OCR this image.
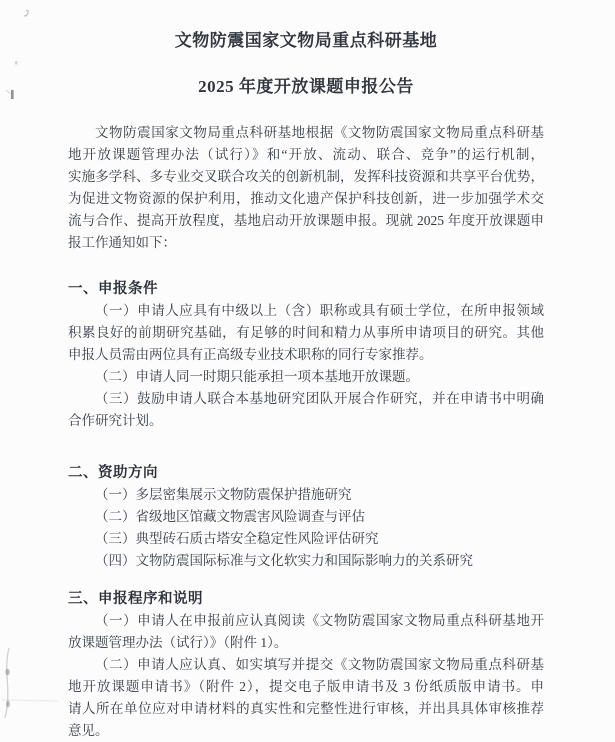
文物防震国家文物局重点科研基地
2025 年度开放课题申报公告
文物防震国家文物局重点科研基地根据《文物防震国家文物局重点科研基
地开放课题管理办法（试行）》和“开放、流动、联合、竞争”的运行机制，
实施多学科、多专业交叉联合攻关的创新机制，发挥科技资源和共享平台优势，
为促进文物资源的保护利用，推动文化遗产保护科技创新，进一步加强学术交
流与合作、提高开放程度，基地启动开放课题申报。现就 2025 年度开放课题申
报工作通知如下：
一、申报条件
（一）申请人应具有中级以上（含）职称或具有硕士学位，在所申报领域
积累良好的前期研究基础，有足够的时间和精力从事所申请项目的研究。其他
申报人员需由两位具有正高级专业技术职称的同行专家推荐。
（二）申请人同一时期只能承担一项本基地开放课题。
（三）鼓励申请人联合本基地研究团队开展合作研究，并在申请书中明确
合作研究计划。
二、资助方向
（一）多层密集展示文物防震保护措施研究
（二）省级地区馆藏文物震害风险调查与评估
（三）典型砖石质古塔安全稳定性风险评估研究
（四）文物防震国际标准与文化软实力和国际影响力的关系研究
三、申报程序和说明
（一）申请人在申报前应认真阅读《文物防震国家文物局重点科研基地开
放课题管理办法（试行）》（附件 1）。
（二）申请人应认真、如实填写并提交《文物防震国家文物局重点科研基
地开放课题申请书》（附件 2），提交电子版申请书及 3 份纸质版申请书。申
请人所在单位应对申请材料的真实性和完整性进行审核，并出具具体审核推荐
意见。
